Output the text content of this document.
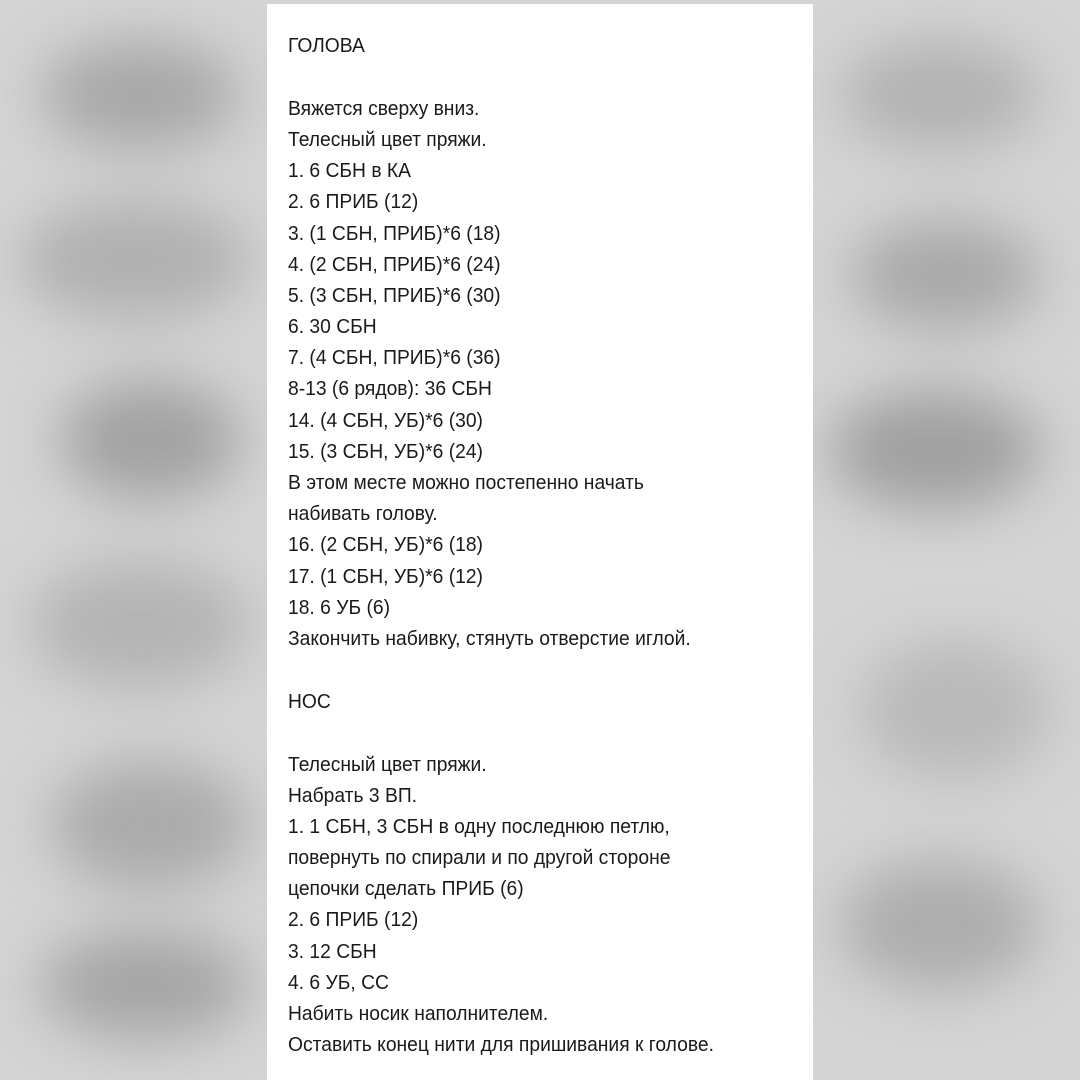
ГОЛОВА
Вяжется сверху вниз.
Телесный цвет пряжи.
1. 6 СБН в КА
2. 6 ПРИБ (12)
3. (1 СБН, ПРИБ)*6 (18)
4. (2 СБН, ПРИБ)*6 (24)
5. (3 СБН, ПРИБ)*6 (30)
6. 30 СБН
7. (4 СБН, ПРИБ)*6 (36)
8-13 (6 рядов): 36 СБН
14. (4 СБН, УБ)*6 (30)
15. (3 СБН, УБ)*6 (24)
В этом месте можно постепенно начать
набивать голову.
16. (2 СБН, УБ)*6 (18)
17. (1 СБН, УБ)*6 (12)
18. 6 УБ (6)
Закончить набивку, стянуть отверстие иглой.
НОС
Телесный цвет пряжи.
Набрать 3 ВП.
1. 1 СБН, 3 СБН в одну последнюю петлю,
повернуть по спирали и по другой стороне
цепочки сделать ПРИБ (6)
2. 6 ПРИБ (12)
3. 12 СБН
4. 6 УБ, СС
Набить носик наполнителем.
Оставить конец нити для пришивания к голове.
